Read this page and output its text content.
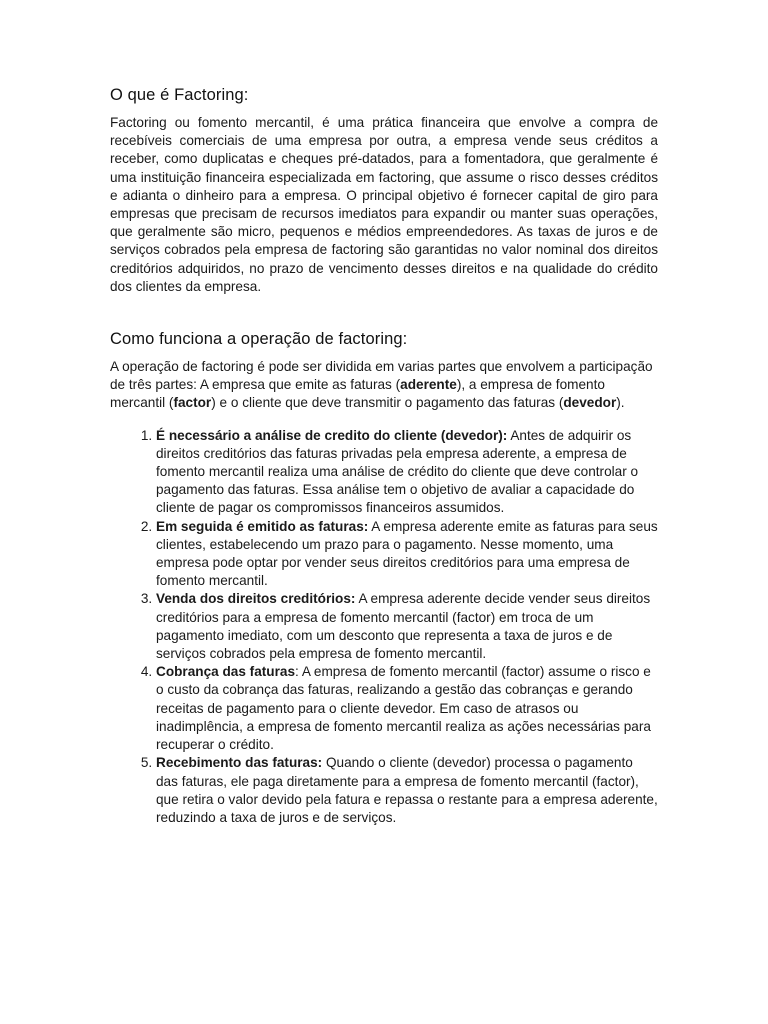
O que é Factoring:

Factoring ou fomento mercantil, é uma prática financeira que envolve a compra de recebíveis comerciais de uma empresa por outra, a empresa vende seus créditos a receber, como duplicatas e cheques pré-datados, para a fomentadora, que geralmente é uma instituição financeira especializada em factoring, que assume o risco desses créditos e adianta o dinheiro para a empresa. O principal objetivo é fornecer capital de giro para empresas que precisam de recursos imediatos para expandir ou manter suas operações, que geralmente são micro, pequenos e médios empreendedores. As taxas de juros e de serviços cobrados pela empresa de factoring são garantidas no valor nominal dos direitos creditórios adquiridos, no prazo de vencimento desses direitos e na qualidade do crédito dos clientes da empresa.

Como funciona a operação de factoring:

A operação de factoring é pode ser dividida em varias partes que envolvem a participação de três partes: A empresa que emite as faturas (aderente), a empresa de fomento mercantil (factor) e o cliente que deve transmitir o pagamento das faturas (devedor).

1. É necessário a análise de credito do cliente (devedor): Antes de adquirir os direitos creditórios das faturas privadas pela empresa aderente, a empresa de fomento mercantil realiza uma análise de crédito do cliente que deve controlar o pagamento das faturas. Essa análise tem o objetivo de avaliar a capacidade do cliente de pagar os compromissos financeiros assumidos.
2. Em seguida é emitido as faturas: A empresa aderente emite as faturas para seus clientes, estabelecendo um prazo para o pagamento. Nesse momento, uma empresa pode optar por vender seus direitos creditórios para uma empresa de fomento mercantil.
3. Venda dos direitos creditórios: A empresa aderente decide vender seus direitos creditórios para a empresa de fomento mercantil (factor) em troca de um pagamento imediato, com um desconto que representa a taxa de juros e de serviços cobrados pela empresa de fomento mercantil.
4. Cobrança das faturas: A empresa de fomento mercantil (factor) assume o risco e o custo da cobrança das faturas, realizando a gestão das cobranças e gerando receitas de pagamento para o cliente devedor. Em caso de atrasos ou inadimplência, a empresa de fomento mercantil realiza as ações necessárias para recuperar o crédito.
5. Recebimento das faturas: Quando o cliente (devedor) processa o pagamento das faturas, ele paga diretamente para a empresa de fomento mercantil (factor), que retira o valor devido pela fatura e repassa o restante para a empresa aderente, reduzindo a taxa de juros e de serviços.
